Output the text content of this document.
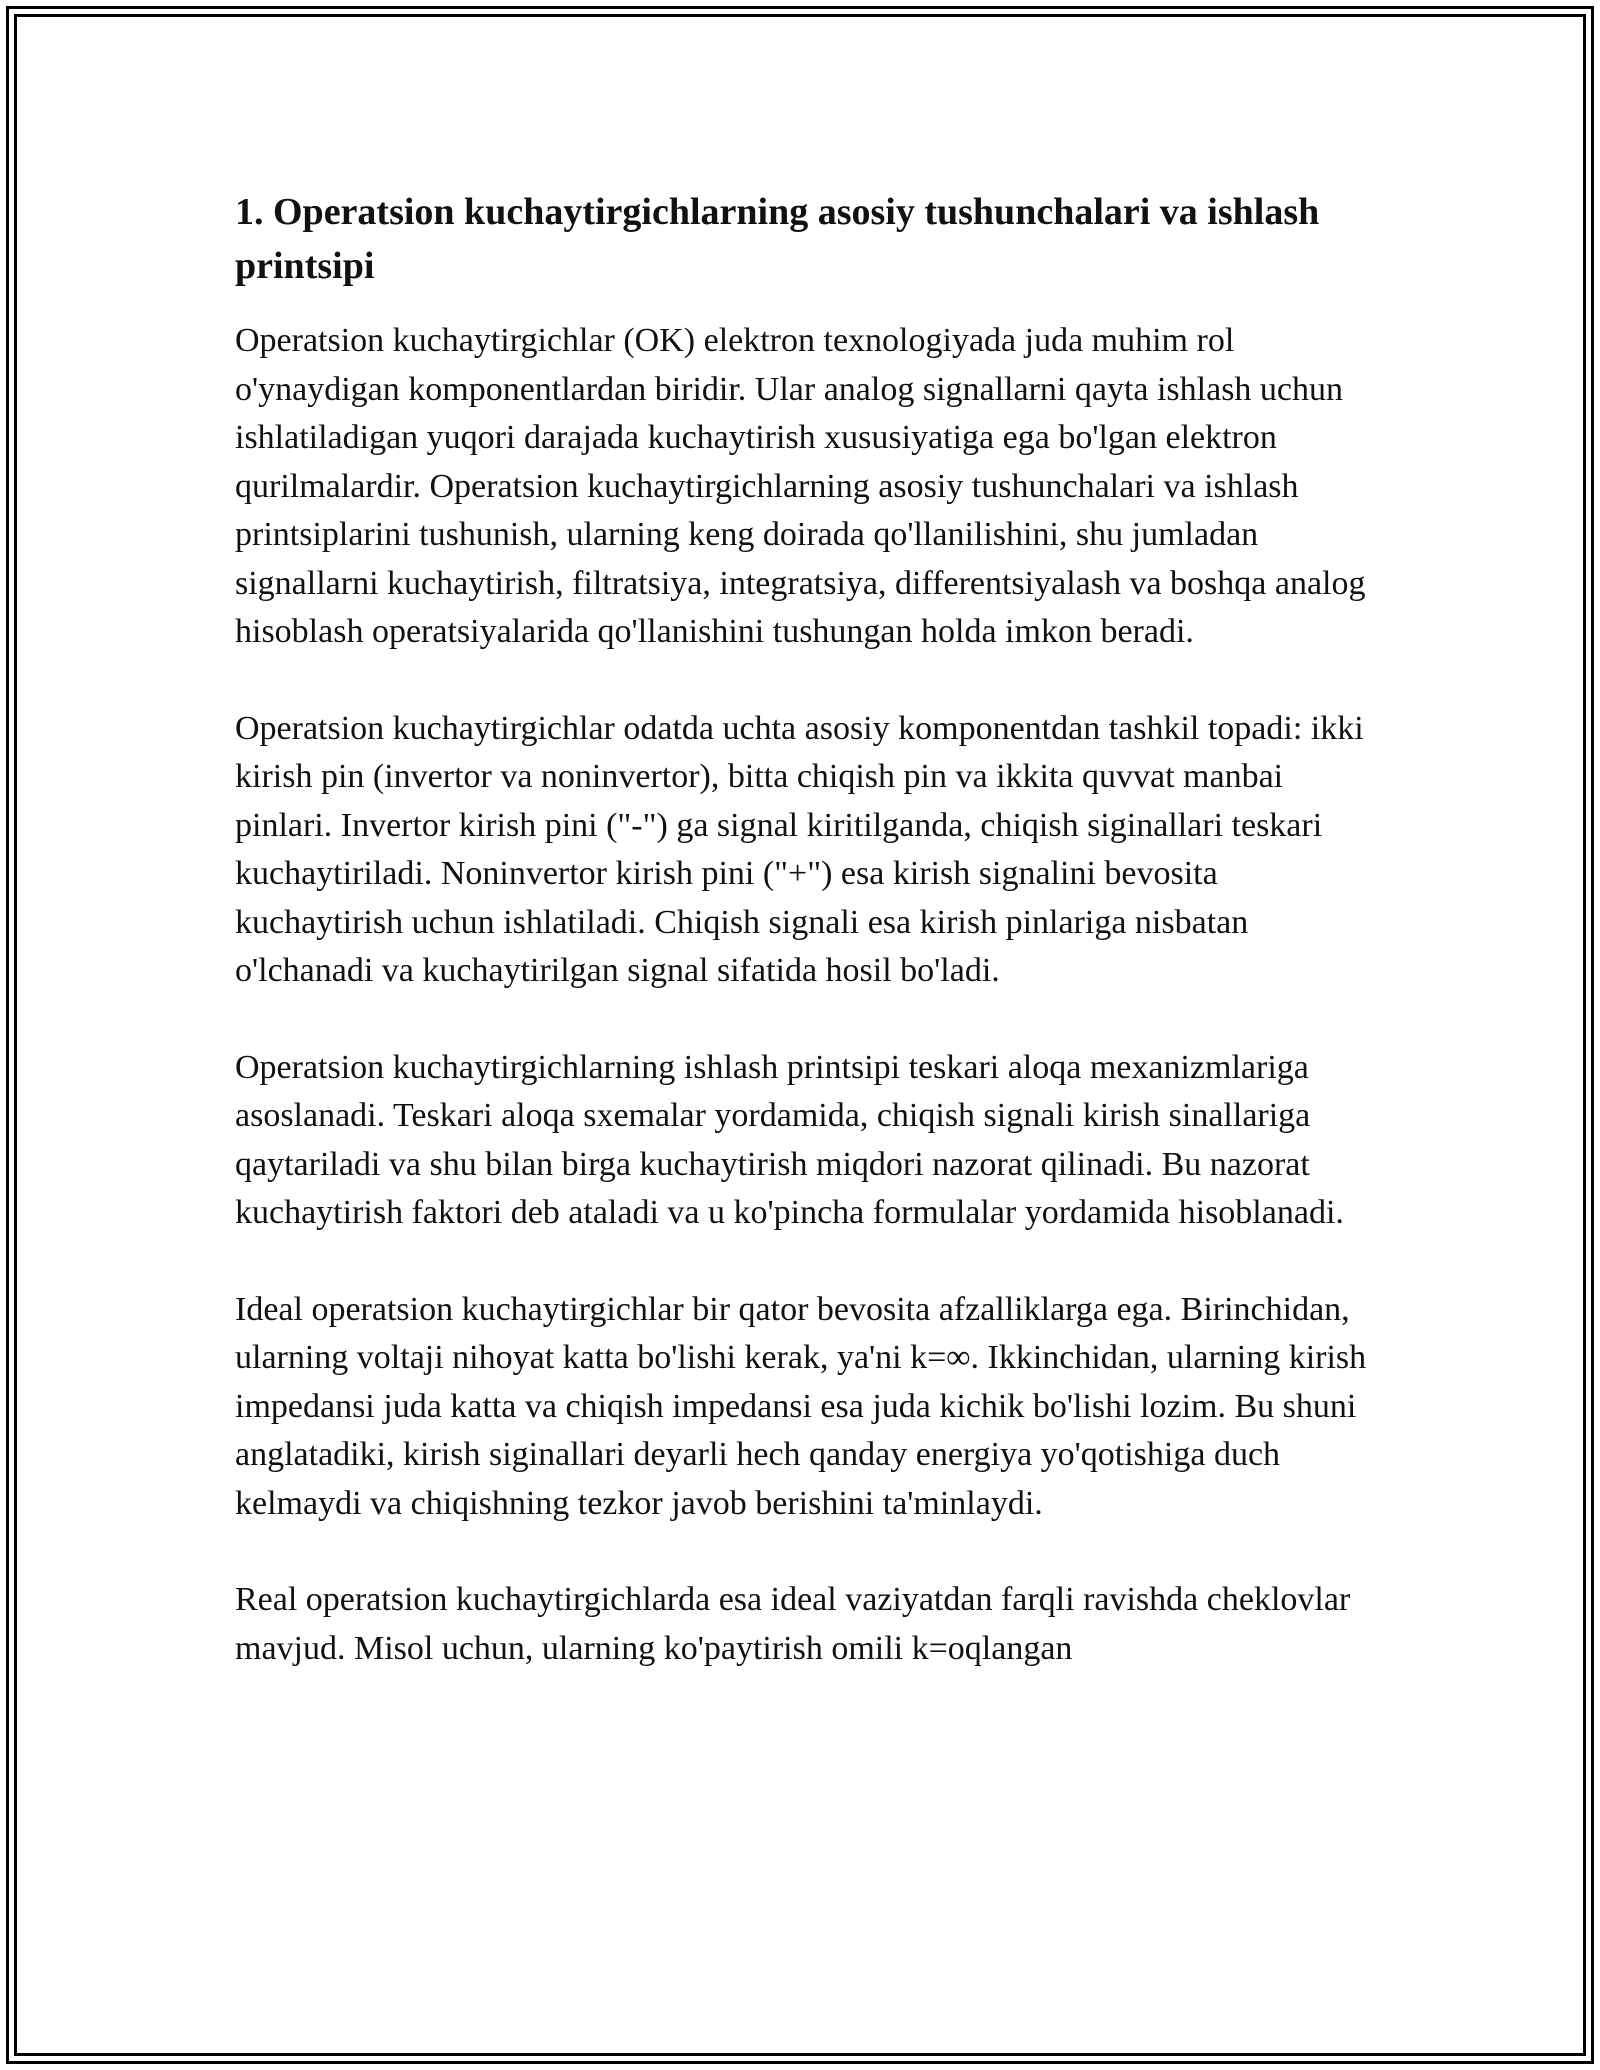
1. Operatsion kuchaytirgichlarning asosiy tushunchalari va ishlash printsipi

Operatsion kuchaytirgichlar (OK) elektron texnologiyada juda muhim rol o'ynaydigan komponentlardan biridir. Ular analog signallarni qayta ishlash uchun ishlatiladigan yuqori darajada kuchaytirish xususiyatiga ega bo'lgan elektron qurilmalardir. Operatsion kuchaytirgichlarning asosiy tushunchalari va ishlash printsiplarini tushunish, ularning keng doirada qo'llanilishini, shu jumladan signallarni kuchaytirish, filtratsiya, integratsiya, differentsiyalash va boshqa analog hisoblash operatsiyalarida qo'llanishini tushungan holda imkon beradi.

Operatsion kuchaytirgichlar odatda uchta asosiy komponentdan tashkil topadi: ikki kirish pin (invertor va noninvertor), bitta chiqish pin va ikkita quvvat manbai pinlari. Invertor kirish pini ("-") ga signal kiritilganda, chiqish siginallari teskari kuchaytiriladi. Noninvertor kirish pini ("+") esa kirish signalini bevosita kuchaytirish uchun ishlatiladi. Chiqish signali esa kirish pinlariga nisbatan o'lchanadi va kuchaytirilgan signal sifatida hosil bo'ladi.

Operatsion kuchaytirgichlarning ishlash printsipi teskari aloqa mexanizmlariga asoslanadi. Teskari aloqa sxemalar yordamida, chiqish signali kirish sinallariga qaytariladi va shu bilan birga kuchaytirish miqdori nazorat qilinadi. Bu nazorat kuchaytirish faktori deb ataladi va u ko'pincha formulalar yordamida hisoblanadi.

Ideal operatsion kuchaytirgichlar bir qator bevosita afzalliklarga ega. Birinchidan, ularning voltaji nihoyat katta bo'lishi kerak, ya'ni k=∞. Ikkinchidan, ularning kirish impedansi juda katta va chiqish impedansi esa juda kichik bo'lishi lozim. Bu shuni anglatadiki, kirish siginallari deyarli hech qanday energiya yo'qotishiga duch kelmaydi va chiqishning tezkor javob berishini ta'minlaydi.

Real operatsion kuchaytirgichlarda esa ideal vaziyatdan farqli ravishda cheklovlar mavjud. Misol uchun, ularning ko'paytirish omili k=oqlangan
